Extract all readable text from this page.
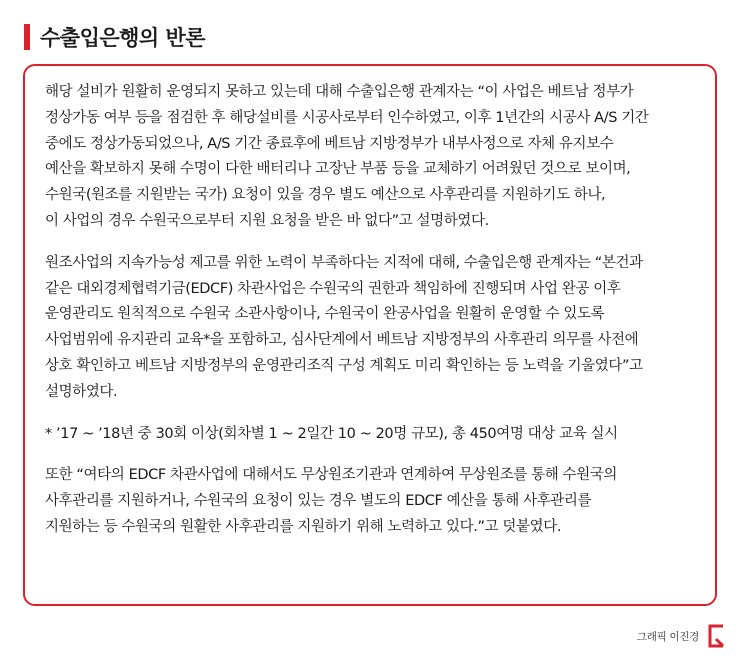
수출입은행의 반론

해당 설비가 원활히 운영되지 못하고 있는데 대해 수출입은행 관계자는 “이 사업은 베트남 정부가
정상가동 여부 등을 점검한 후 해당설비를 시공사로부터 인수하였고, 이후 1년간의 시공사 A/S 기간
중에도 정상가동되었으나, A/S 기간 종료후에 베트남 지방정부가 내부사정으로 자체 유지보수
예산을 확보하지 못해 수명이 다한 배터리나 고장난 부품 등을 교체하기 어려웠던 것으로 보이며,
수원국(원조를 지원받는 국가) 요청이 있을 경우 별도 예산으로 사후관리를 지원하기도 하나,
이 사업의 경우 수원국으로부터 지원 요청을 받은 바 없다”고 설명하였다.

원조사업의 지속가능성 제고를 위한 노력이 부족하다는 지적에 대해, 수출입은행 관계자는 “본건과
같은 대외경제협력기금(EDCF) 차관사업은 수원국의 권한과 책임하에 진행되며 사업 완공 이후
운영관리도 원칙적으로 수원국 소관사항이나, 수원국이 완공사업을 원활히 운영할 수 있도록
사업범위에 유지관리 교육*을 포함하고, 심사단계에서 베트남 지방정부의 사후관리 의무를 사전에
상호 확인하고 베트남 지방정부의 운영관리조직 구성 계획도 미리 확인하는 등 노력을 기울였다”고
설명하였다.

* ’17 ~ ’18년 중 30회 이상(회차별 1 ~ 2일간 10 ~ 20명 규모), 총 450여명 대상 교육 실시

또한 “여타의 EDCF 차관사업에 대해서도 무상원조기관과 연계하여 무상원조를 통해 수원국의
사후관리를 지원하거나, 수원국의 요청이 있는 경우 별도의 EDCF 예산을 통해 사후관리를
지원하는 등 수원국의 원활한 사후관리를 지원하기 위해 노력하고 있다.”고 덧붙였다.

그래픽 이진경
